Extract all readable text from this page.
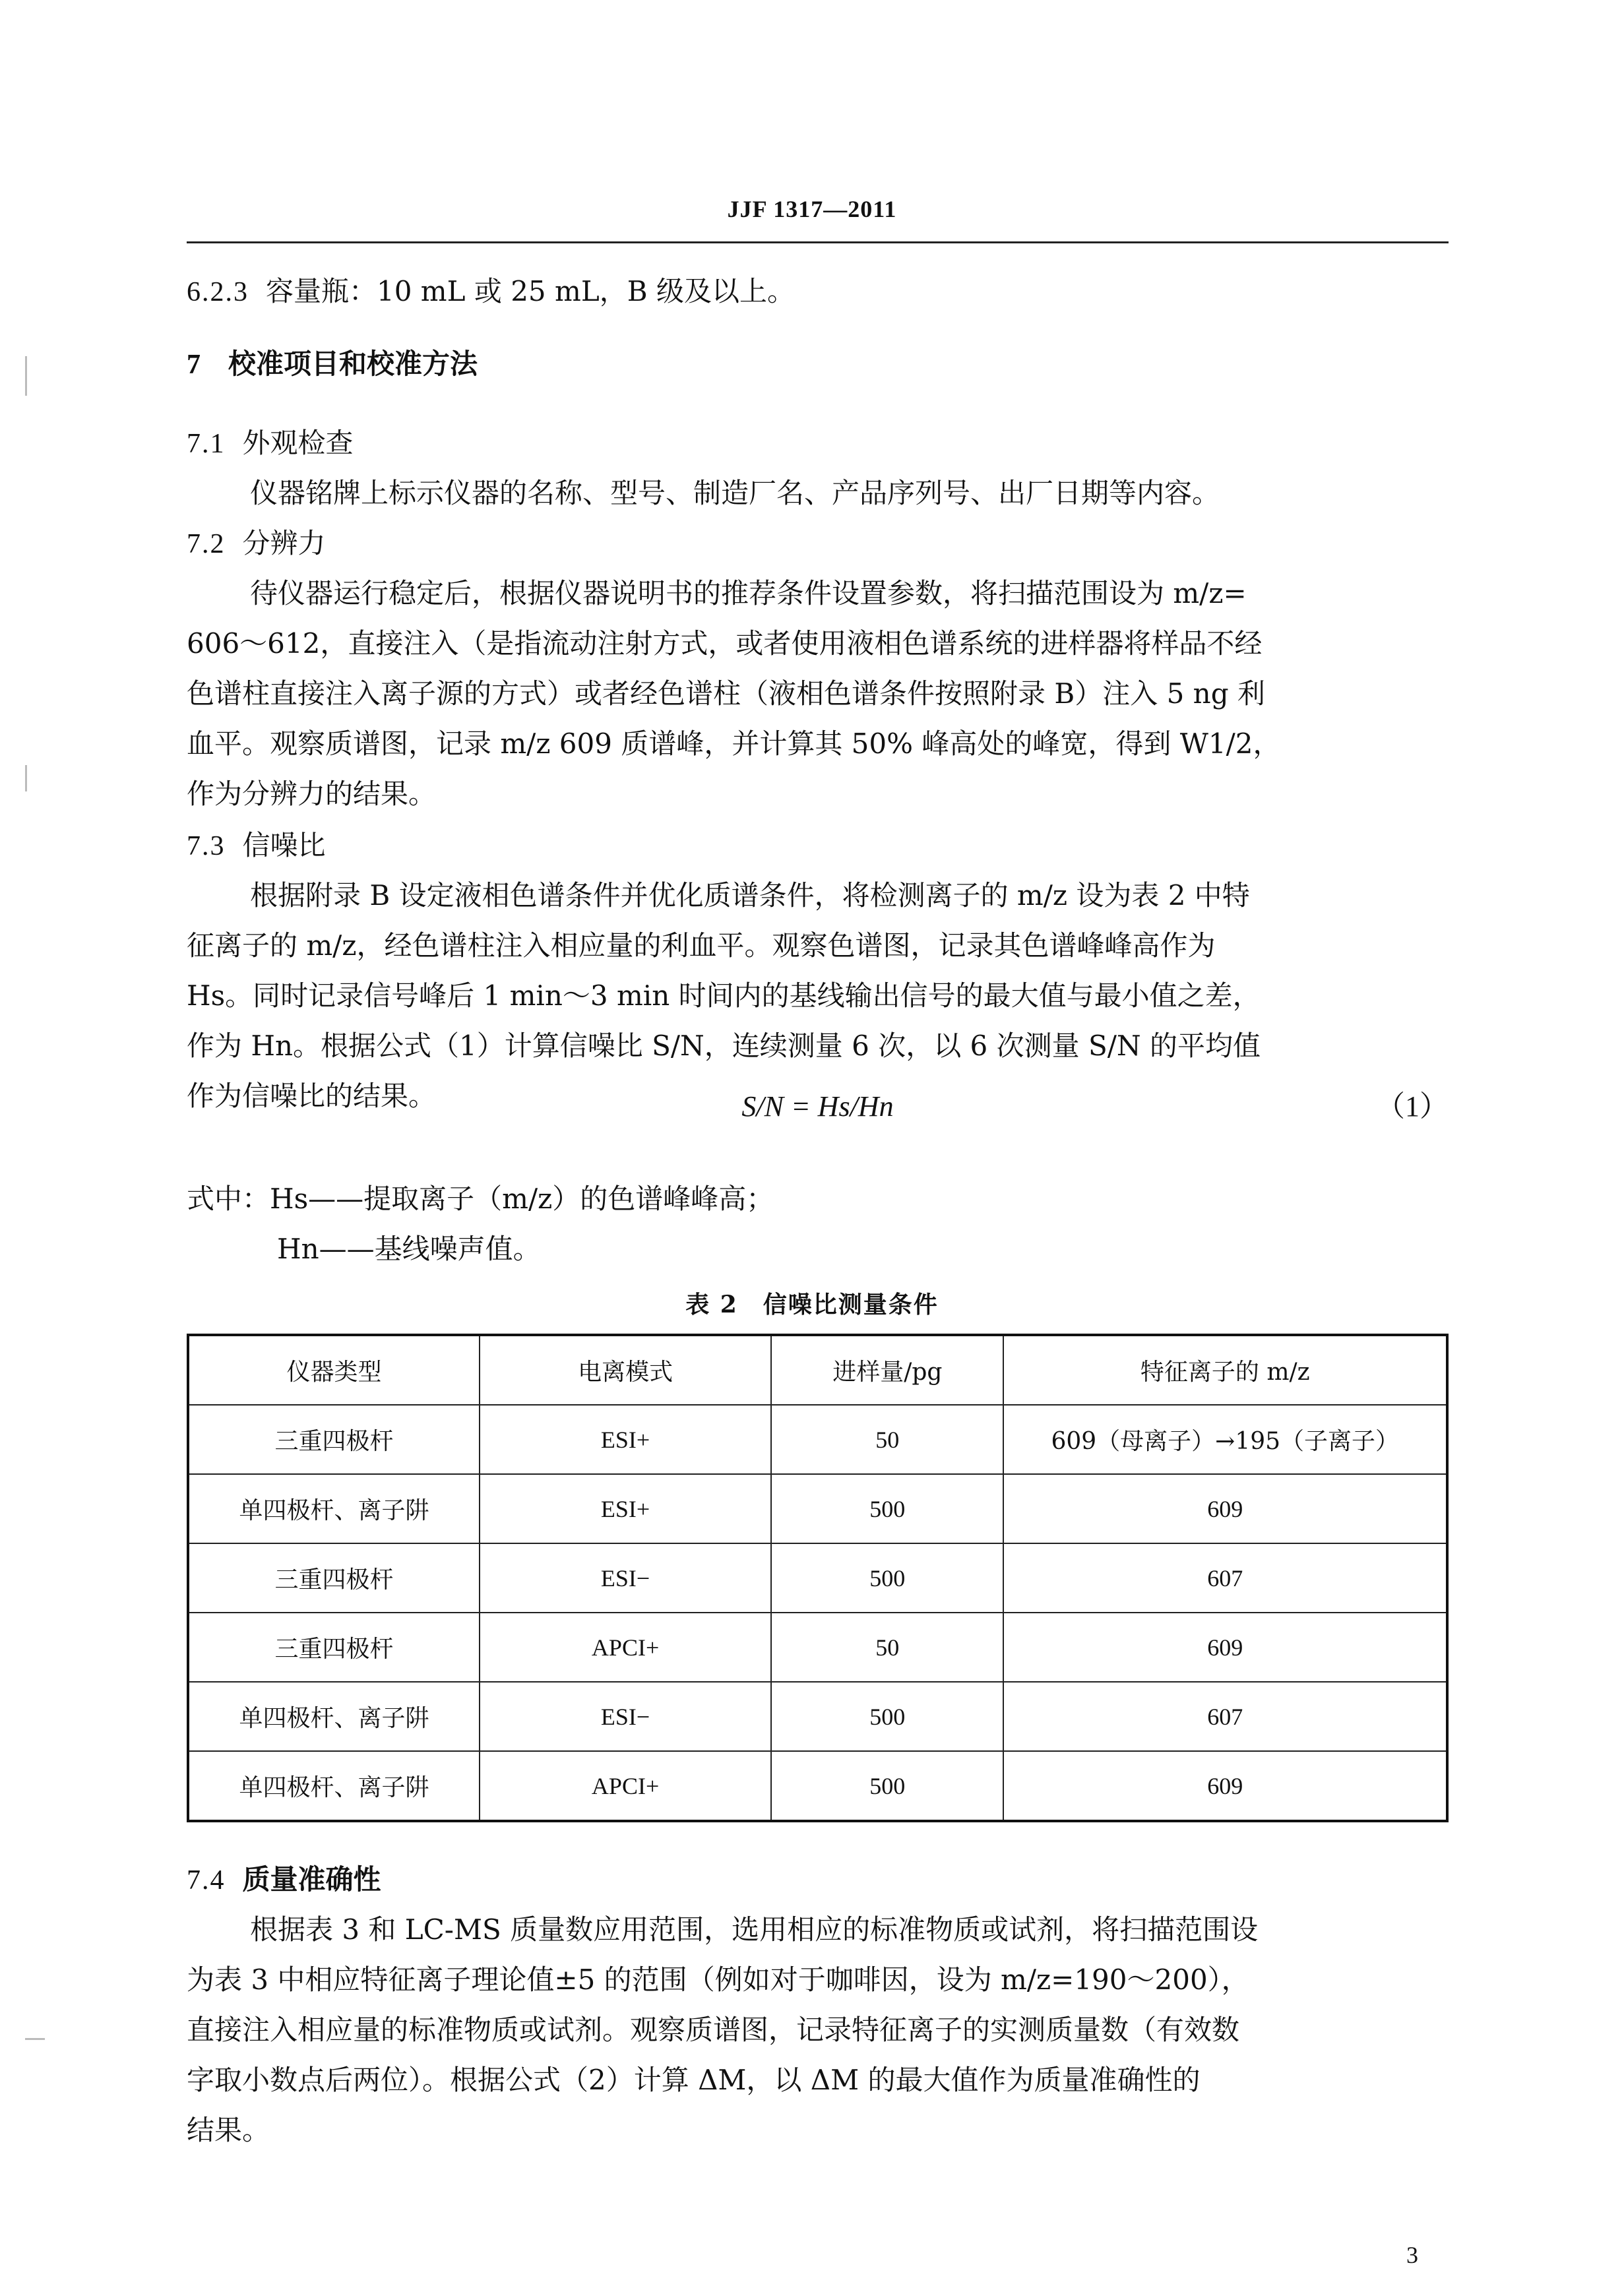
JJF 1317—2011
6.2.3 容量瓶：10 mL 或 25 mL，B 级及以上。
7 校准项目和校准方法
7.1 外观检查
仪器铭牌上标示仪器的名称、型号、制造厂名、产品序列号、出厂日期等内容。
7.2 分辨力
待仪器运行稳定后，根据仪器说明书的推荐条件设置参数，将扫描范围设为 m/z=
606～612，直接注入（是指流动注射方式，或者使用液相色谱系统的进样器将样品不经
色谱柱直接注入离子源的方式）或者经色谱柱（液相色谱条件按照附录 B）注入 5 ng 利
血平。观察质谱图，记录 m/z 609 质谱峰，并计算其 50% 峰高处的峰宽，得到 W1/2，
作为分辨力的结果。
7.3 信噪比
根据附录 B 设定液相色谱条件并优化质谱条件，将检测离子的 m/z 设为表 2 中特
征离子的 m/z，经色谱柱注入相应量的利血平。观察色谱图，记录其色谱峰峰高作为
Hs。同时记录信号峰后 1 min～3 min 时间内的基线输出信号的最大值与最小值之差，
作为 Hn。根据公式（1）计算信噪比 S/N，连续测量 6 次，以 6 次测量 S/N 的平均值
作为信噪比的结果。	S/N = Hs/Hn	（1）
式中：Hs——提取离子（m/z）的色谱峰峰高；
Hn——基线噪声值。
表 2　信噪比测量条件
仪器类型	电离模式	进样量/pg	特征离子的 m/z
三重四极杆	ESI+	50	609（母离子）→195（子离子）
单四极杆、离子阱	ESI+	500	609
三重四极杆	ESI−	500	607
三重四极杆	APCI+	50	609
单四极杆、离子阱	ESI−	500	607
单四极杆、离子阱	APCI+	500	609
7.4 质量准确性
根据表 3 和 LC-MS 质量数应用范围，选用相应的标准物质或试剂，将扫描范围设
为表 3 中相应特征离子理论值±5 的范围（例如对于咖啡因，设为 m/z=190～200），
直接注入相应量的标准物质或试剂。观察质谱图，记录特征离子的实测质量数（有效数
字取小数点后两位）。根据公式（2）计算 ΔM，以 ΔM 的最大值作为质量准确性的
结果。
3
